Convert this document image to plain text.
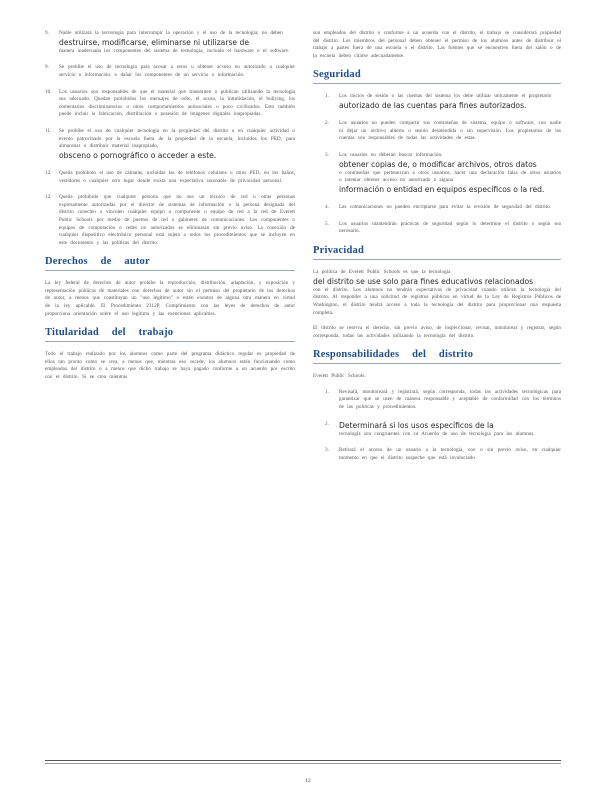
9.	Nadie utilizará la tecnología para interrumpir la operación y el uso de la tecnología; no deben
destruirse, modificarse, eliminarse ni utilizarse de
manera inadecuada los componentes del sistema de tecnología, incluido el hardware o el software.
9.	Se prohíbe el uso de tecnología para acosar a otros u obtener acceso no autorizado a cualquier servicio o información, o dañar los componentes de un servicio o información.
10.	Los usuarios son responsables de que el material que transmiten o publican utilizando la tecnología sea adecuado. Quedan prohibidos los mensajes de odio, el acoso, la intimidación, el bullying, los comentarios discriminatorios u otros comportamientos antisociales o poco civilizados. Esto también puede incluir la fabricación, distribución o posesión de imágenes digitales inapropiadas.
11.	Se prohíbe el uso de cualquier tecnología en la propiedad del distrito o en cualquier actividad o evento patrocinado por la escuela fuera de la propiedad de la escuela, incluidos los PED, para almacenar o distribuir material inapropiado,
obsceno o pornográfico o acceder a este.
12.	Queda prohibido el uso de cámaras, incluidas las de teléfonos celulares u otros PED, en los baños, vestidores o cualquier otro lugar donde exista una expectativa razonable de privacidad personal.
12.	Queda prohibido que cualquier persona que no sea un técnico de red u otras personas expresamente autorizadas por el director de sistemas de información o la persona designada del distrito conecten o vinculen cualquier equipo o componente o equipo de red a la red de Everett Public Schools por medio de puertos de red o gabinetes de comunicaciones. Los componentes o equipos de computación o redes no autorizados se eliminarán sin previo aviso. La conexión de cualquier dispositivo electrónico personal está sujeta a todos los procedimientos que se incluyen en este documento y las políticas del distrito.
Derechos de autor
La ley federal de derechos de autor prohíbe la reproducción, distribución, adaptación, y exposición y representación públicas de materiales con derechos de autor sin el permiso del propietario de los derechos de autor, a menos que constituyan un "uso legítimo" o estén exentos de alguna otra manera en virtud de la ley aplicable. El Procedimiento 2312P, Cumplimiento con las leyes de derechos de autor proporciona orientación sobre el uso legítimo y las exenciones aplicables.
Titularidad del trabajo
Todo el trabajo realizado por los alumnos como parte del programa didáctico regular es propiedad de ellos tan pronto como se crea, a menos que, mientras eso sucede, los alumnos estén funcionando como empleados del distrito o a menos que dicho trabajo se haya pagado conforme a un acuerdo por escrito con el distrito. Si se crea mientras
son empleados del distrito o conforme a un acuerdo con el distrito, el trabajo se considerará propiedad del distrito. Los miembros del personal deben obtener el permiso de los alumnos antes de distribuir el trabajo a partes fuera de una escuela o el distrito. Las fuentes que se encuentren fuera del salón o de la escuela deben citarse adecuadamente.
Seguridad
1.	Los inicios de sesión o las cuentas del sistema los debe utilizar únicamente el propietario
autorizado de las cuentas para fines autorizados.
2.	Los usuarios no pueden compartir sus contraseñas de sistema, equipo o software, con nadie ni dejar un archivo abierto o sesión desatendida o sin supervisión. Los propietarios de las cuentas son responsables de todas las actividades de estas.
3.	Los usuarios no deberán buscar información,
obtener copias de, o modificar archivos, otros datos
o contraseñas que pertenezcan a otros usuarios, hacer una declaración falsa de otros usuarios o intentar obtener acceso no autorizado a alguna
información o entidad en equipos específicos o la red.
4.	Las comunicaciones no pueden encriptarse para evitar la revisión de seguridad del distrito.
5.	Los usuarios mantendrán prácticas de seguridad según lo determine el distrito o según sea necesario.
Privacidad
La política de Everett Public Schools es que la tecnología
del distrito se use solo para fines educativos relacionados
con el distrito. Los alumnos no tendrán expectativas de privacidad cuando utilicen la tecnología del distrito. Al responder a una solicitud de registros públicos en virtud de la Ley de Registros Públicos de Washington, el distrito tendrá acceso a toda la tecnología del distrito para proporcionar una respuesta completa.
El distrito se reserva el derecho, sin previo aviso, de inspeccionar, revisar, monitorear y registrar, según corresponda, todas las actividades utilizando la tecnología del distrito.
Responsabilidades del distrito
Everett Public Schools:
1.	Revisará, monitoreará y registrará, según corresponda, todas las actividades tecnológicas para garantizar que se usen de manera responsable y aceptable de conformidad con los términos de las políticas y procedimientos.
2.	Determinará si los usos específicos de la
tecnología son congruentes con su Acuerdo de uso de tecnología para los alumnos.
3.	Retirará el acceso de un usuario a la tecnología, con o sin previo aviso, en cualquier momento en que el distrito sospeche que está involucrado
12
